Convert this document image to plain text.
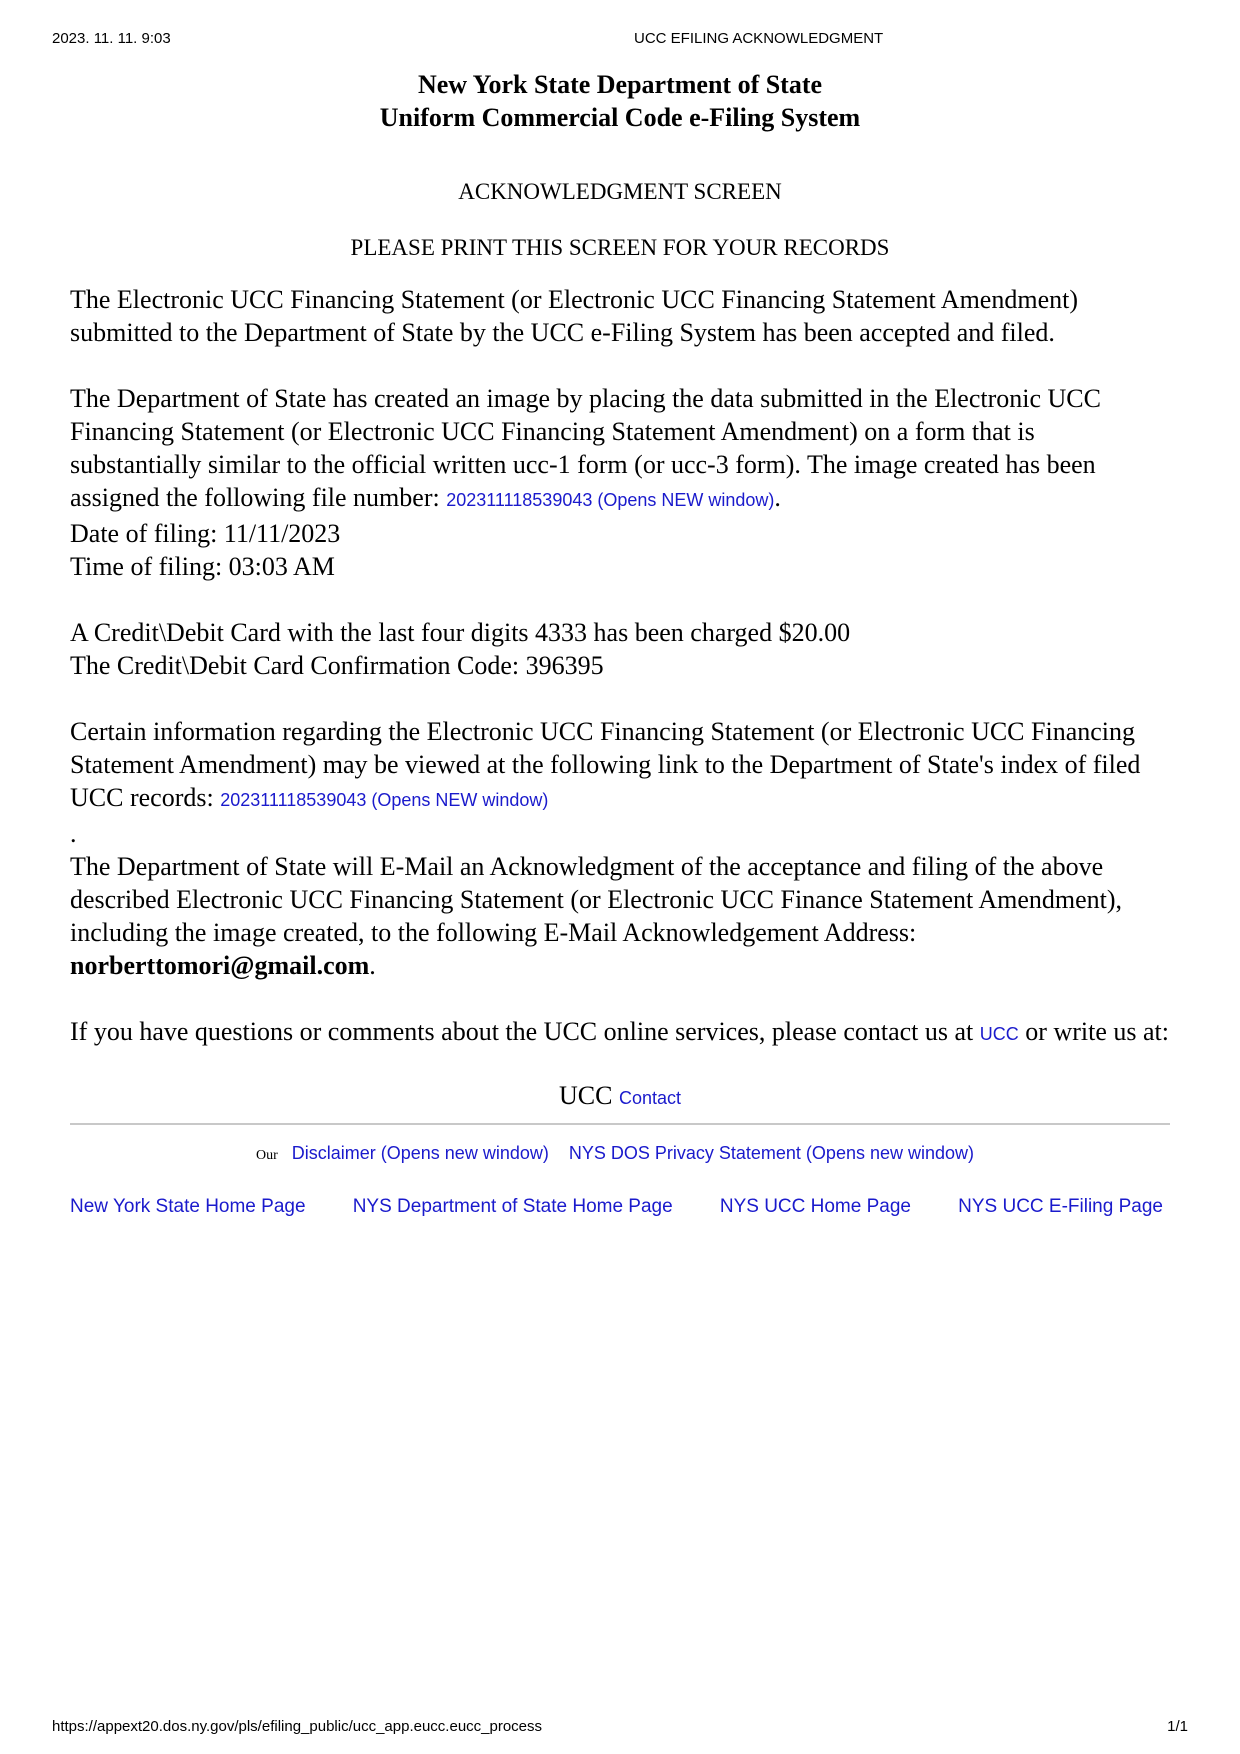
2023. 11. 11. 9:03	UCC EFILING ACKNOWLEDGMENT
New York State Department of State
Uniform Commercial Code e-Filing System
ACKNOWLEDGMENT SCREEN
PLEASE PRINT THIS SCREEN FOR YOUR RECORDS

The Electronic UCC Financing Statement (or Electronic UCC Financing Statement Amendment) submitted to the Department of State by the UCC e-Filing System has been accepted and filed.

The Department of State has created an image by placing the data submitted in the Electronic UCC Financing Statement (or Electronic UCC Financing Statement Amendment) on a form that is substantially similar to the official written ucc-1 form (or ucc-3 form). The image created has been assigned the following file number: 202311118539043 (Opens NEW window).
Date of filing: 11/11/2023
Time of filing: 03:03 AM

A Credit\Debit Card with the last four digits 4333 has been charged $20.00
The Credit\Debit Card Confirmation Code: 396395

Certain information regarding the Electronic UCC Financing Statement (or Electronic UCC Financing Statement Amendment) may be viewed at the following link to the Department of State's index of filed UCC records: 202311118539043 (Opens NEW window)
.
The Department of State will E-Mail an Acknowledgment of the acceptance and filing of the above described Electronic UCC Financing Statement (or Electronic UCC Finance Statement Amendment), including the image created, to the following E-Mail Acknowledgement Address: norberttomori@gmail.com.

If you have questions or comments about the UCC online services, please contact us at UCC or write us at:

UCC Contact
Our Disclaimer (Opens new window) NYS DOS Privacy Statement (Opens new window)
New York State Home Page NYS Department of State Home Page NYS UCC Home Page NYS UCC E-Filing Page
https://appext20.dos.ny.gov/pls/efiling_public/ucc_app.eucc.eucc_process	1/1
